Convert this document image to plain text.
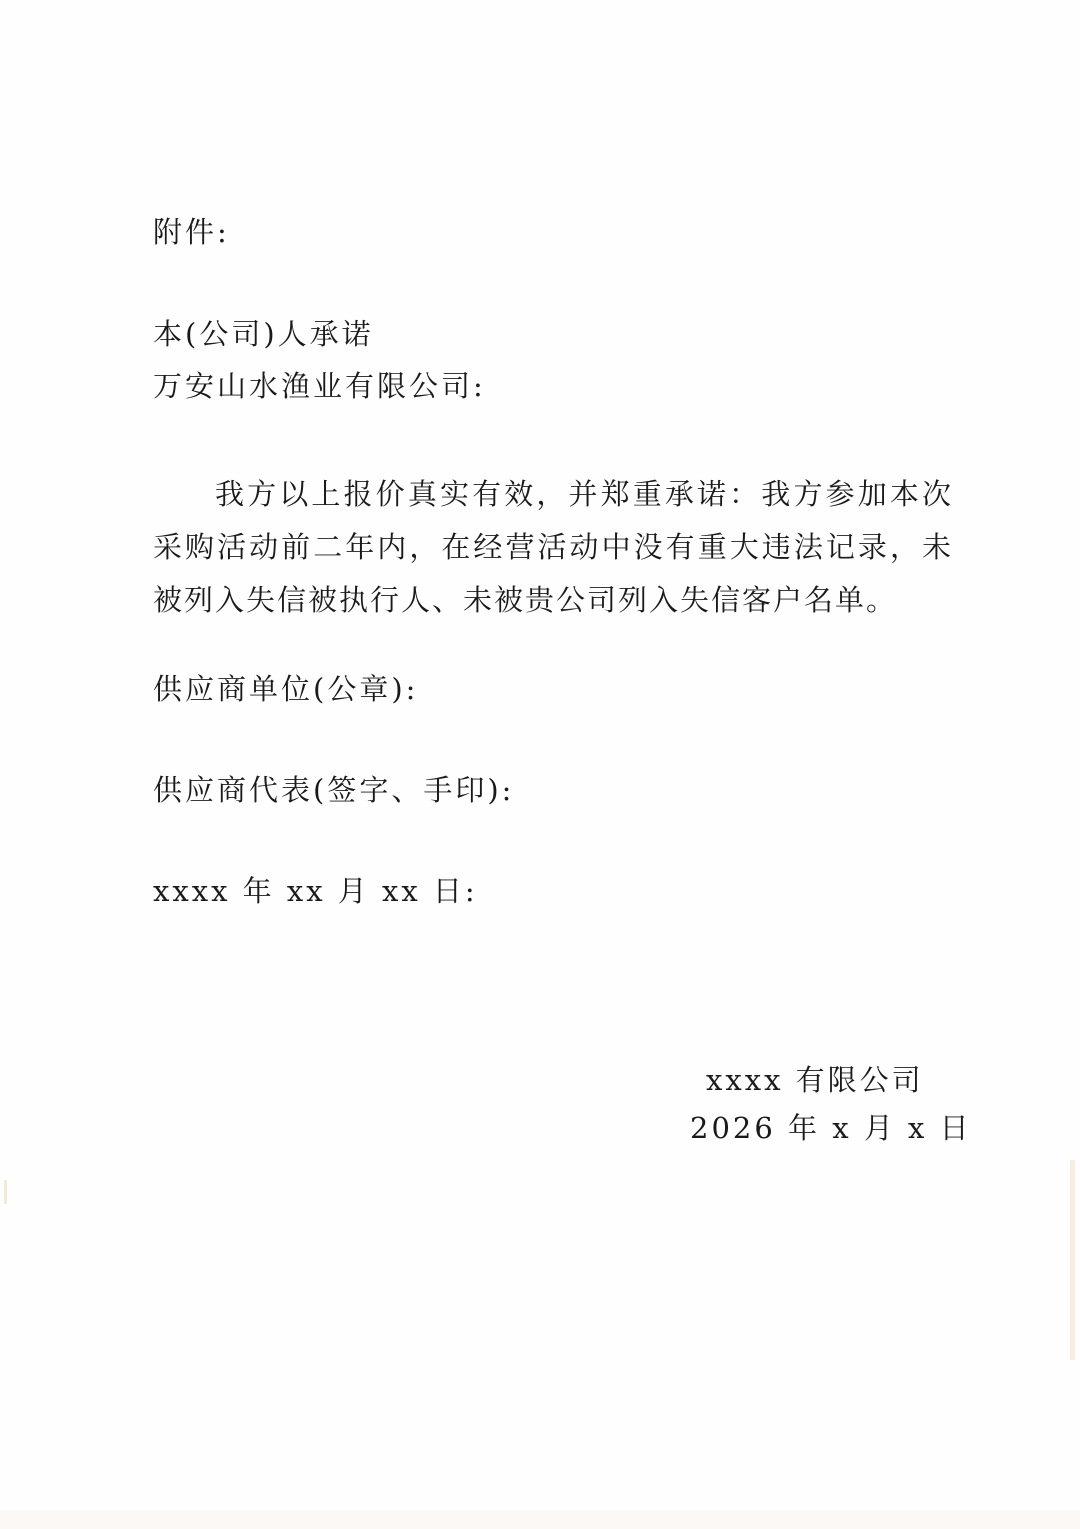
附件:
本(公司)人承诺
万安山水渔业有限公司:
我方以上报价真实有效，并郑重承诺：我方参加本次采购活动前二年内，在经营活动中没有重大违法记录，未被列入失信被执行人、未被贵公司列入失信客户名单。
供应商单位(公章):
供应商代表(签字、手印):
xxxx 年 xx 月 xx 日:
xxxx 有限公司
2026 年 x 月 x 日
